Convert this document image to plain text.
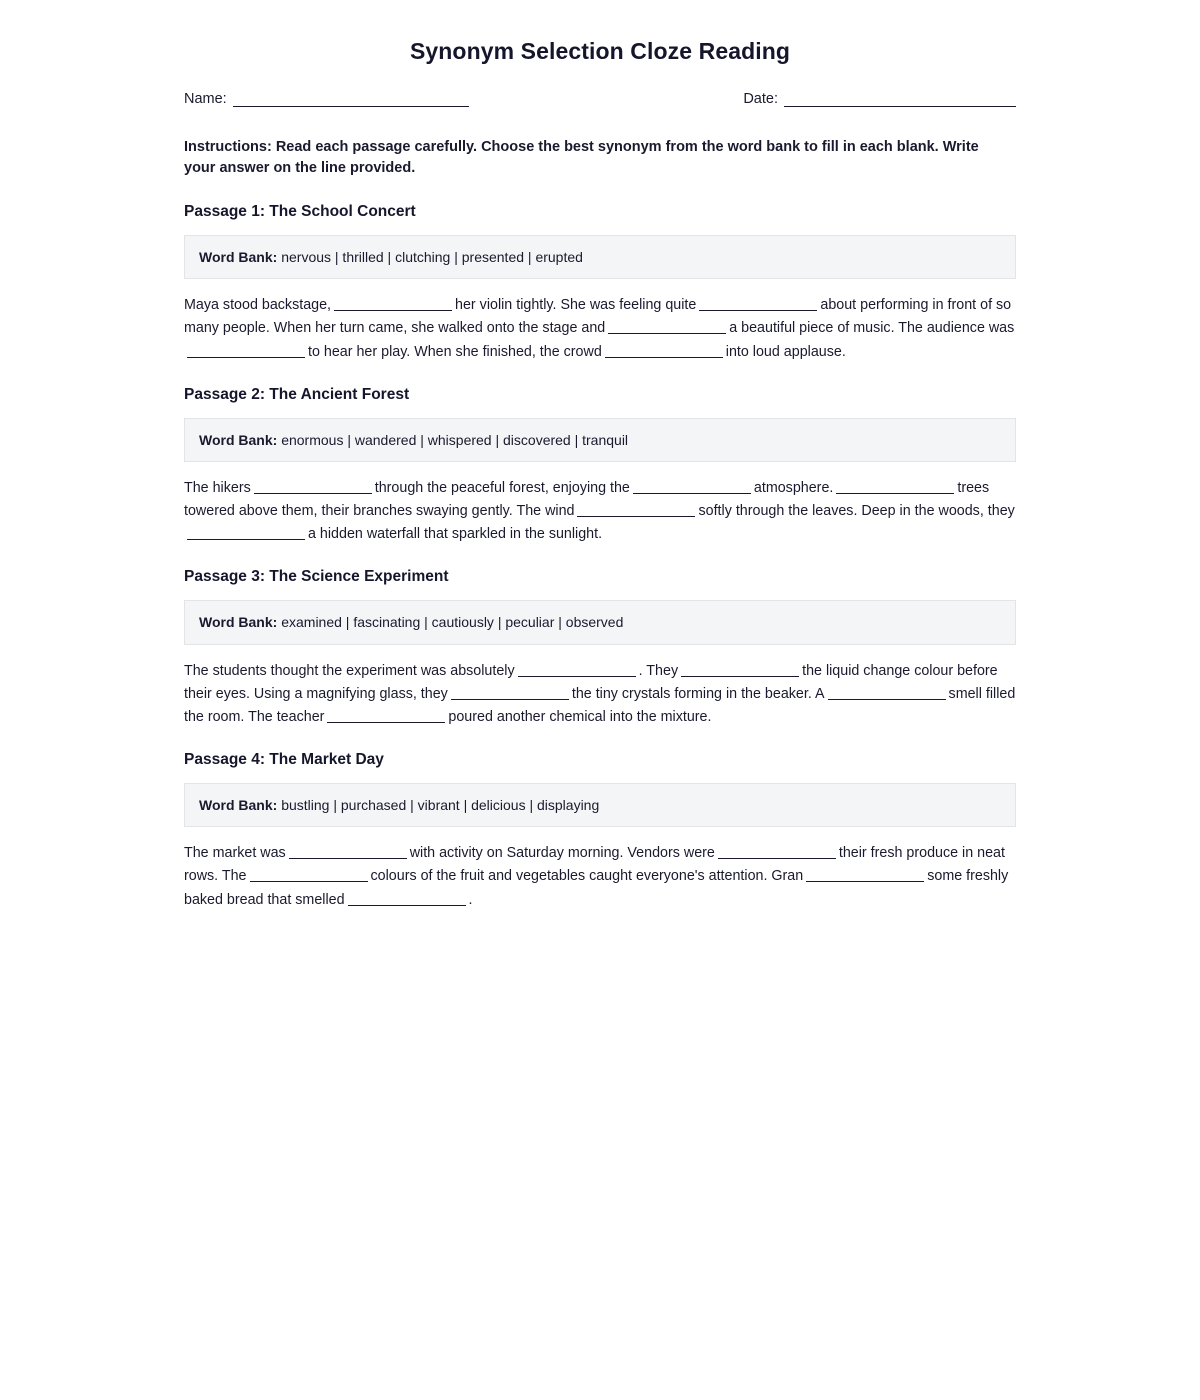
Synonym Selection Cloze Reading
Name:	Date:
Instructions: Read each passage carefully. Choose the best synonym from the word bank to fill in each blank. Write your answer on the line provided.
Passage 1: The School Concert
Word Bank: nervous | thrilled | clutching | presented | erupted
Maya stood backstage,	her violin tightly. She was feeling quite	about performing in front of so many people. When her turn came, she walked onto the stage and	a beautiful piece of music. The audience wasto hear her play. When she finished, the crowd	into loud applause.
Passage 2: The Ancient Forest
Word Bank: enormous | wandered | whispered | discovered | tranquil
The hikers	through the peaceful forest, enjoying the	atmosphere.	trees towered above them, their branches swaying gently. The wind	softly through the leaves. Deep in the woods, theya hidden waterfall that sparkled in the sunlight.
Passage 3: The Science Experiment
Word Bank: examined | fascinating | cautiously | peculiar | observed
The students thought the experiment was absolutely	. They	the liquid change colour before their eyes. Using a magnifying glass, they	the tiny crystals forming in the beaker. A	smell filled the room. The teacher	poured another chemical into the mixture.
Passage 4: The Market Day
Word Bank: bustling | purchased | vibrant | delicious | displaying
The market was	with activity on Saturday morning. Vendors were	their fresh produce in neat rows. The	colours of the fruit and vegetables caught everyone's attention. Gran	some freshly baked bread that smelled	.
